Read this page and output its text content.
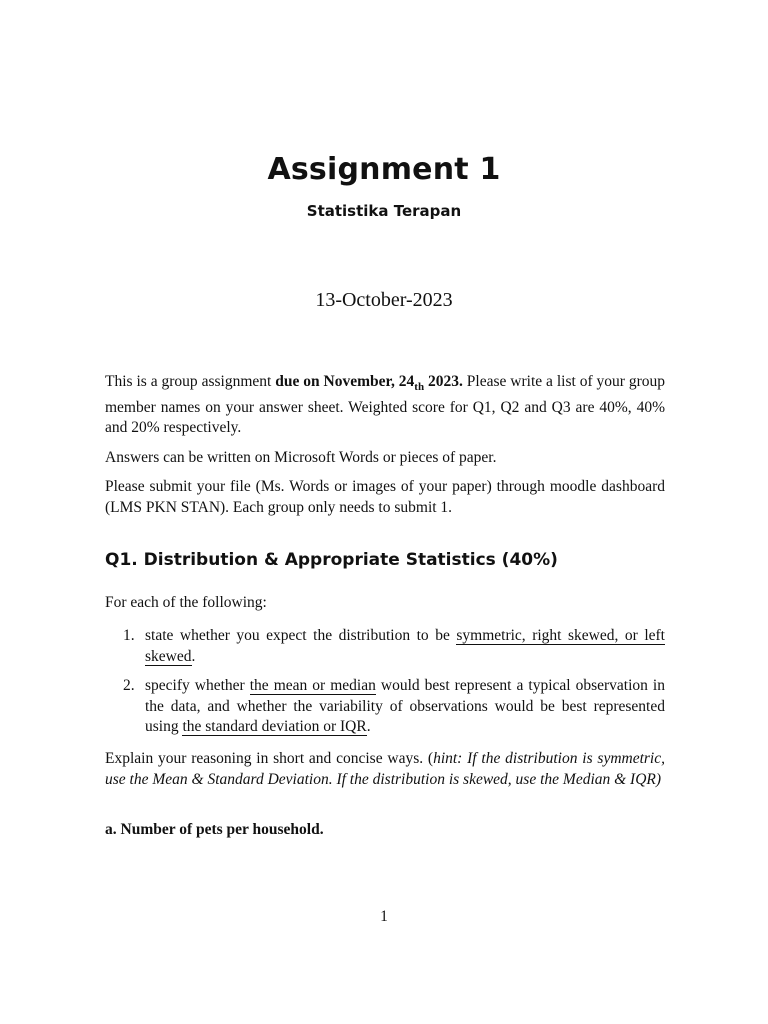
Assignment 1
Statistika Terapan
13-October-2023

This is a group assignment due on November, $24_{th}$ 2023. Please write a list of your group member names on your answer sheet. Weighted score for Q1, Q2 and Q3 are 40%, 40% and 20% respectively.

Answers can be written on Microsoft Words or pieces of paper.

Please submit your file (Ms. Words or images of your paper) through moodle dashboard (LMS PKN STAN). Each group only needs to submit 1.

Q1. Distribution & Appropriate Statistics (40%)
For each of the following:
1. state whether you expect the distribution to be symmetric, right skewed, or left skewed.
2. specify whether the mean or median would best represent a typical observation in the data, and whether the variability of observations would be best represented using the standard deviation or IQR.
Explain your reasoning in short and concise ways. (hint: If the distribution is symmetric, use the Mean & Standard Deviation. If the distribution is skewed, use the Median & IQR)
a. Number of pets per household.
1
